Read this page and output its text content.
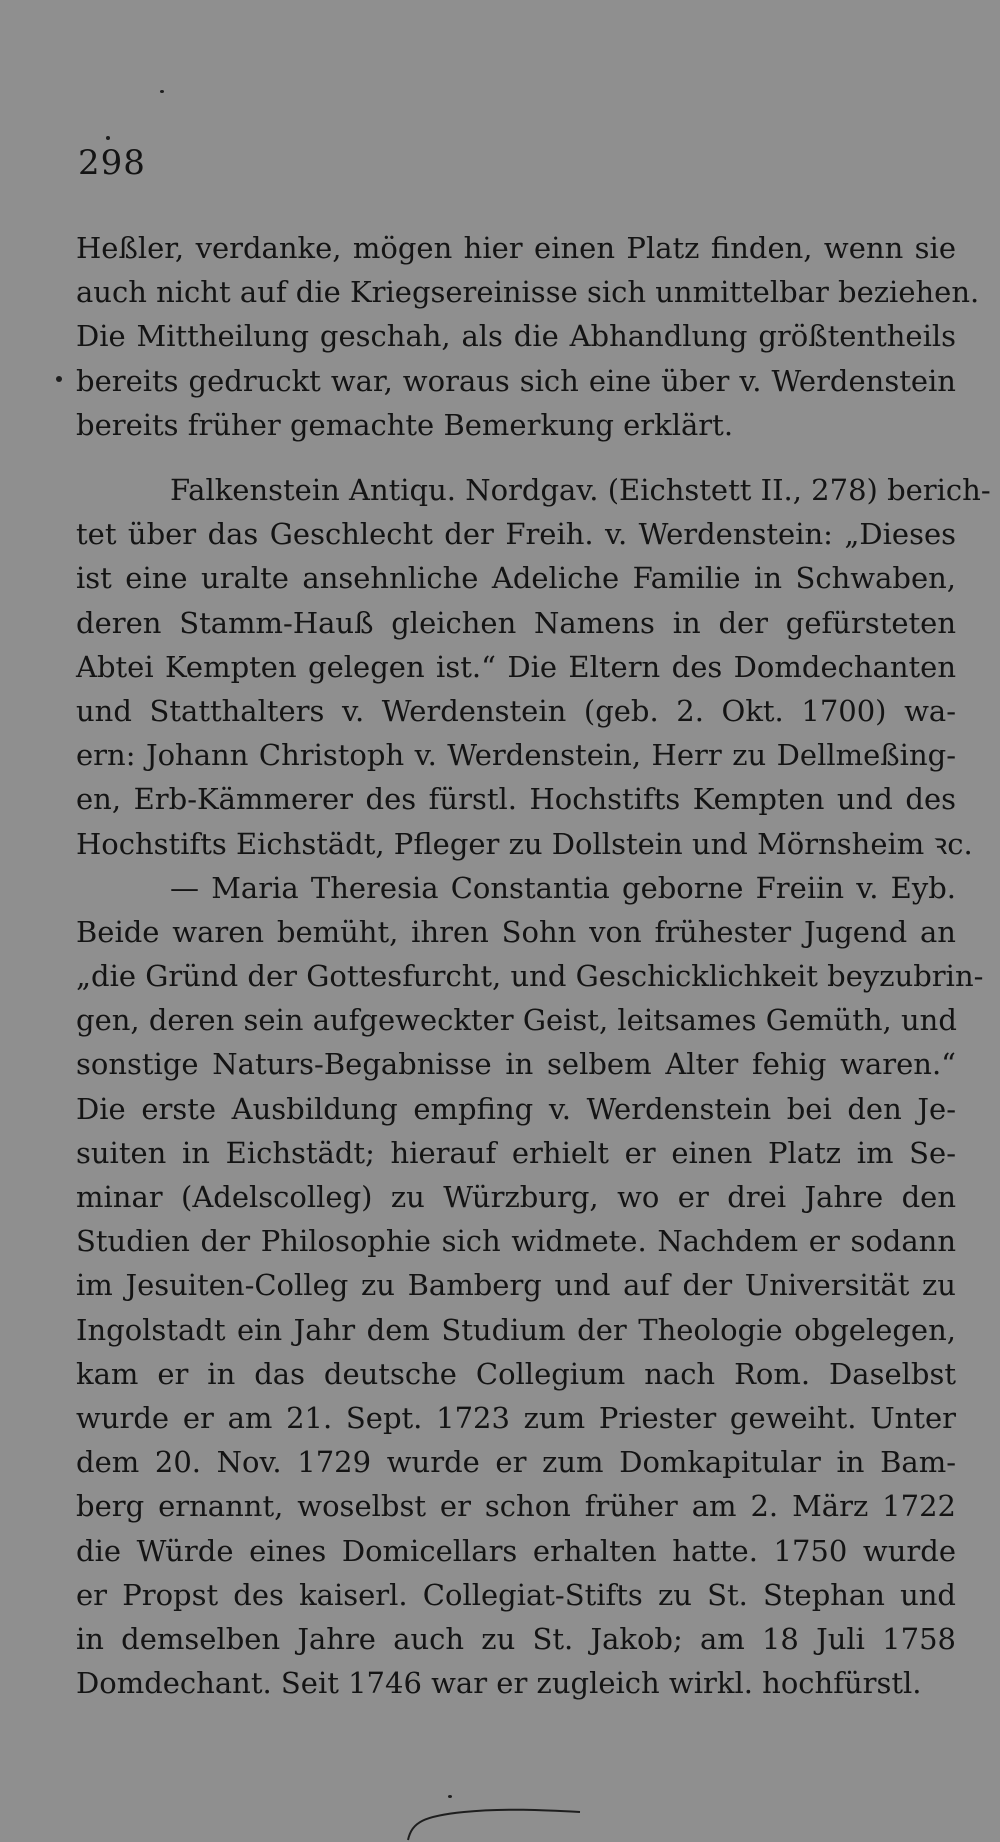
298
Heßler, verdanke, mögen hier einen Platz finden, wenn sie
auch nicht auf die Kriegsereinisse sich unmittelbar beziehen.
Die Mittheilung geschah, als die Abhandlung größtentheils
bereits gedruckt war, woraus sich eine über v. Werdenstein
bereits früher gemachte Bemerkung erklärt.
Falkenstein Antiqu. Nordgav. (Eichstett II., 278) berich-
tet über das Geschlecht der Freih. v. Werdenstein: „Dieses
ist eine uralte ansehnliche Adeliche Familie in Schwaben,
deren Stamm-Hauß gleichen Namens in der gefürsteten
Abtei Kempten gelegen ist.“ Die Eltern des Domdechanten
und Statthalters v. Werdenstein (geb. 2. Okt. 1700) wa-
ern: Johann Christoph v. Werdenstein, Herr zu Dellmeßing-
en, Erb-Kämmerer des fürstl. Hochstifts Kempten und des
Hochstifts Eichstädt, Pfleger zu Dollstein und Mörnsheim ꝛc.
— Maria Theresia Constantia geborne Freiin v. Eyb.
Beide waren bemüht, ihren Sohn von frühester Jugend an
„die Gründ der Gottesfurcht, und Geschicklichkeit beyzubrin-
gen, deren sein aufgeweckter Geist, leitsames Gemüth, und
sonstige Naturs-Begabnisse in selbem Alter fehig waren.“
Die erste Ausbildung empfing v. Werdenstein bei den Je-
suiten in Eichstädt; hierauf erhielt er einen Platz im Se-
minar (Adelscolleg) zu Würzburg, wo er drei Jahre den
Studien der Philosophie sich widmete. Nachdem er sodann
im Jesuiten-Colleg zu Bamberg und auf der Universität zu
Ingolstadt ein Jahr dem Studium der Theologie obgelegen,
kam er in das deutsche Collegium nach Rom. Daselbst
wurde er am 21. Sept. 1723 zum Priester geweiht. Unter
dem 20. Nov. 1729 wurde er zum Domkapitular in Bam-
berg ernannt, woselbst er schon früher am 2. März 1722
die Würde eines Domicellars erhalten hatte. 1750 wurde
er Propst des kaiserl. Collegiat-Stifts zu St. Stephan und
in demselben Jahre auch zu St. Jakob; am 18 Juli 1758
Domdechant. Seit 1746 war er zugleich wirkl. hochfürstl.
